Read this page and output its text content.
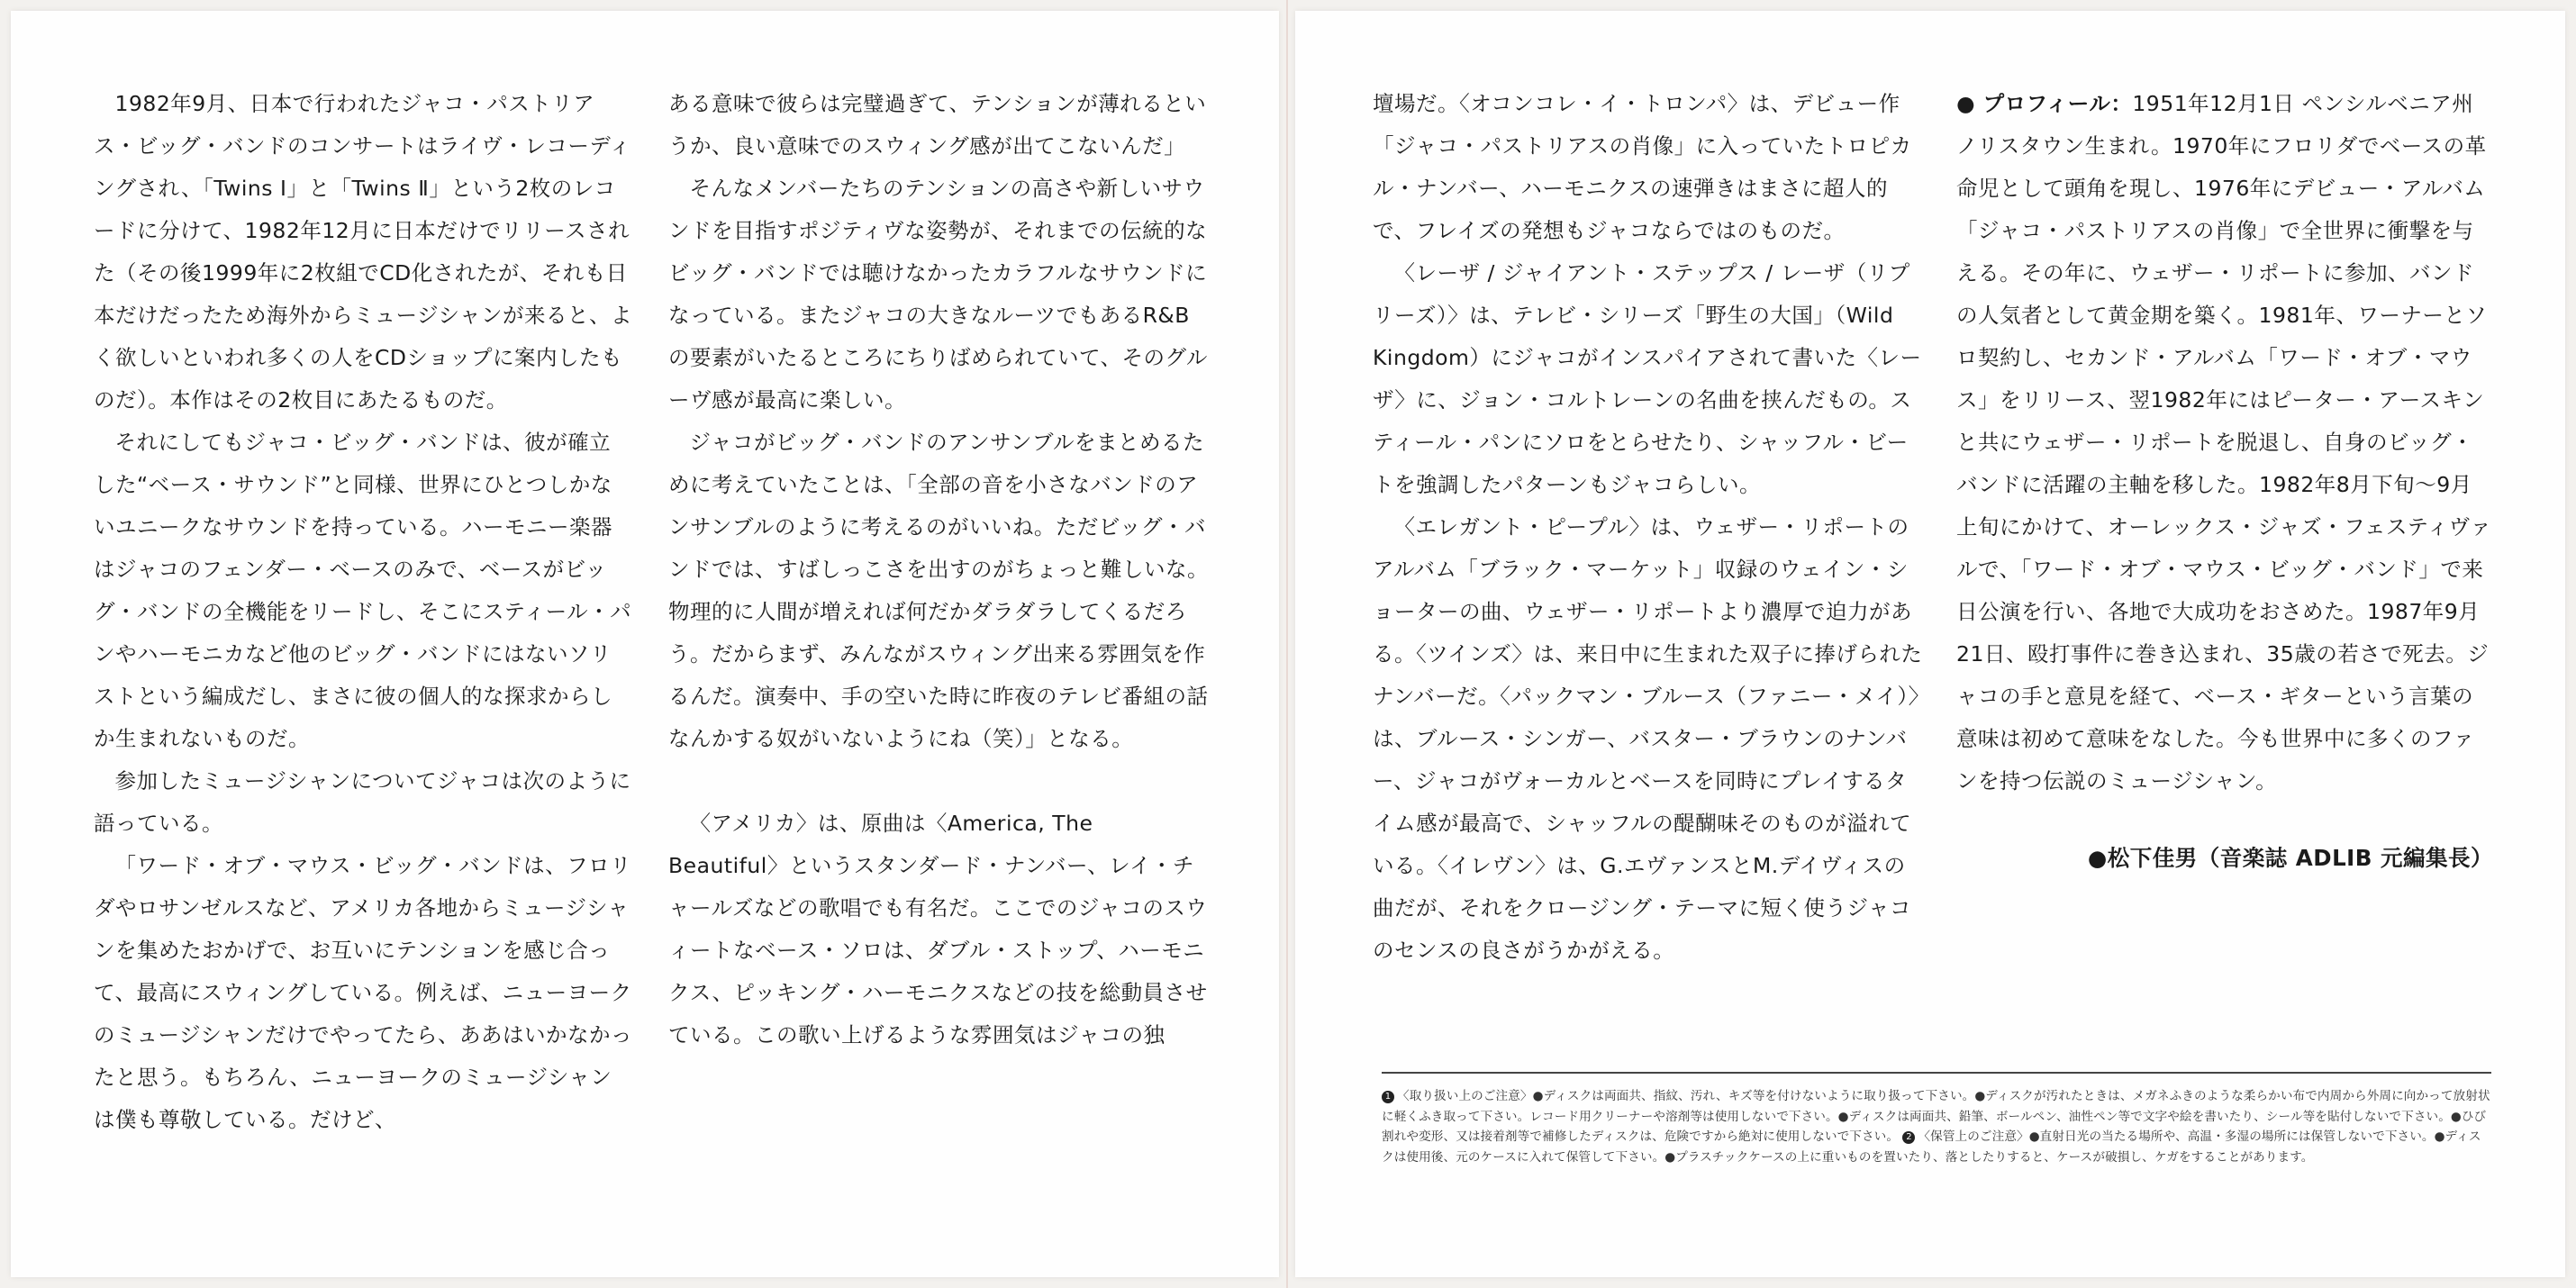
1982年9月、日本で行われたジャコ・パストリアス・ビッグ・バンドのコンサートはライヴ・レコーディングされ、「Twins Ⅰ」と「Twins Ⅱ」という2枚のレコードに分けて、1982年12月に日本だけでリリースされた（その後1999年に2枚組でCD化されたが、それも日本だけだったため海外からミュージシャンが来ると、よく欲しいといわれ多くの人をCDショップに案内したものだ）。本作はその2枚目にあたるものだ。

それにしてもジャコ・ビッグ・バンドは、彼が確立した“ベース・サウンド”と同様、世界にひとつしかないユニークなサウンドを持っている。ハーモニー楽器はジャコのフェンダー・ベースのみで、ベースがビッグ・バンドの全機能をリードし、そこにスティール・パンやハーモニカなど他のビッグ・バンドにはないソリストという編成だし、まさに彼の個人的な探求からしか生まれないものだ。

参加したミュージシャンについてジャコは次のように語っている。

「ワード・オブ・マウス・ビッグ・バンドは、フロリダやロサンゼルスなど、アメリカ各地からミュージシャンを集めたおかげで、お互いにテンションを感じ合って、最高にスウィングしている。例えば、ニューヨークのミュージシャンだけでやってたら、ああはいかなかったと思う。もちろん、ニューヨークのミュージシャンは僕も尊敬している。だけど、

ある意味で彼らは完璧過ぎて、テンションが薄れるというか、良い意味でのスウィング感が出てこないんだ」

そんなメンバーたちのテンションの高さや新しいサウンドを目指すポジティヴな姿勢が、それまでの伝統的なビッグ・バンドでは聴けなかったカラフルなサウンドになっている。またジャコの大きなルーツでもあるR&Bの要素がいたるところにちりばめられていて、そのグルーヴ感が最高に楽しい。

ジャコがビッグ・バンドのアンサンブルをまとめるために考えていたことは、「全部の音を小さなバンドのアンサンブルのように考えるのがいいね。ただビッグ・バンドでは、すばしっこさを出すのがちょっと難しいな。物理的に人間が増えれば何だかダラダラしてくるだろう。だからまず、みんながスウィング出来る雰囲気を作るんだ。演奏中、手の空いた時に昨夜のテレビ番組の話なんかする奴がいないようにね（笑）」となる。

〈アメリカ〉は、原曲は〈America, The Beautiful〉というスタンダード・ナンバー、レイ・チャールズなどの歌唱でも有名だ。ここでのジャコのスウィートなベース・ソロは、ダブル・ストップ、ハーモニクス、ピッキング・ハーモニクスなどの技を総動員させている。この歌い上げるような雰囲気はジャコの独

壇場だ。〈オコンコレ・イ・トロンパ〉は、デビュー作「ジャコ・パストリアスの肖像」に入っていたトロピカル・ナンバー、ハーモニクスの速弾きはまさに超人的で、フレイズの発想もジャコならではのものだ。

〈レーザ / ジャイアント・ステップス / レーザ（リプリーズ）〉は、テレビ・シリーズ「野生の大国」（Wild Kingdom）にジャコがインスパイアされて書いた〈レーザ〉に、ジョン・コルトレーンの名曲を挟んだもの。スティール・パンにソロをとらせたり、シャッフル・ビートを強調したパターンもジャコらしい。

〈エレガント・ピープル〉は、ウェザー・リポートのアルバム「ブラック・マーケット」収録のウェイン・ショーターの曲、ウェザー・リポートより濃厚で迫力がある。〈ツインズ〉は、来日中に生まれた双子に捧げられたナンバーだ。〈パックマン・ブルース（ファニー・メイ）〉は、ブルース・シンガー、バスター・ブラウンのナンバー、ジャコがヴォーカルとベースを同時にプレイするタイム感が最高で、シャッフルの醍醐味そのものが溢れている。〈イレヴン〉は、G.エヴァンスとM.デイヴィスの曲だが、それをクロージング・テーマに短く使うジャコのセンスの良さがうかがえる。

● プロフィール：1951年12月1日 ペンシルベニア州ノリスタウン生まれ。1970年にフロリダでベースの革命児として頭角を現し、1976年にデビュー・アルバム「ジャコ・パストリアスの肖像」で全世界に衝撃を与える。その年に、ウェザー・リポートに参加、バンドの人気者として黄金期を築く。1981年、ワーナーとソロ契約し、セカンド・アルバム「ワード・オブ・マウス」をリリース、翌1982年にはピーター・アースキンと共にウェザー・リポートを脱退し、自身のビッグ・バンドに活躍の主軸を移した。1982年8月下旬〜9月上旬にかけて、オーレックス・ジャズ・フェスティヴァルで、「ワード・オブ・マウス・ビッグ・バンド」で来日公演を行い、各地で大成功をおさめた。1987年9月21日、殴打事件に巻き込まれ、35歳の若さで死去。ジャコの手と意見を経て、ベース・ギターという言葉の意味は初めて意味をなした。今も世界中に多くのファンを持つ伝説のミュージシャン。

●松下佳男（音楽誌 ADLIB 元編集長）

1 〈取り扱い上のご注意〉●ディスクは両面共、指紋、汚れ、キズ等を付けないように取り扱って下さい。●ディスクが汚れたときは、メガネふきのような柔らかい布で内周から外周に向かって放射状に軽くふき取って下さい。レコード用クリーナーや溶剤等は使用しないで下さい。●ディスクは両面共、鉛筆、ボールペン、油性ペン等で文字や絵を書いたり、シール等を貼付しないで下さい。●ひび割れや変形、又は接着剤等で補修したディスクは、危険ですから絶対に使用しないで下さい。 2 〈保管上のご注意〉●直射日光の当たる場所や、高温・多湿の場所には保管しないで下さい。●ディスクは使用後、元のケースに入れて保管して下さい。●プラスチックケースの上に重いものを置いたり、落としたりすると、ケースが破損し、ケガをすることがあります。
